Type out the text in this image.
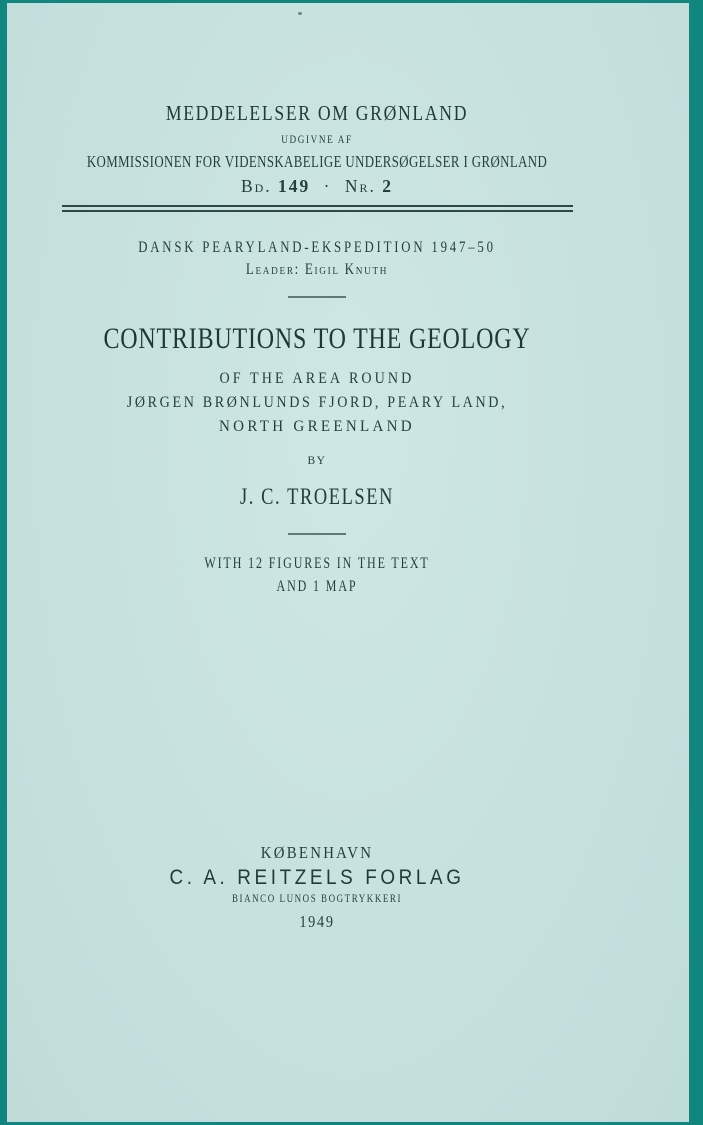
MEDDELELSER OM GRØNLAND
UDGIVNE AF
KOMMISSIONEN FOR VIDENSKABELIGE UNDERSØGELSER I GRØNLAND
Bd. 149 · Nr. 2
DANSK PEARYLAND-EKSPEDITION 1947–50
Leader: Eigil Knuth
CONTRIBUTIONS TO THE GEOLOGY
OF THE AREA ROUND
JØRGEN BRØNLUNDS FJORD, PEARY LAND,
NORTH GREENLAND
BY
J. C. TROELSEN
WITH 12 FIGURES IN THE TEXT
AND 1 MAP
KØBENHAVN
C. A. REITZELS FORLAG
BIANCO LUNOS BOGTRYKKERI
1949
